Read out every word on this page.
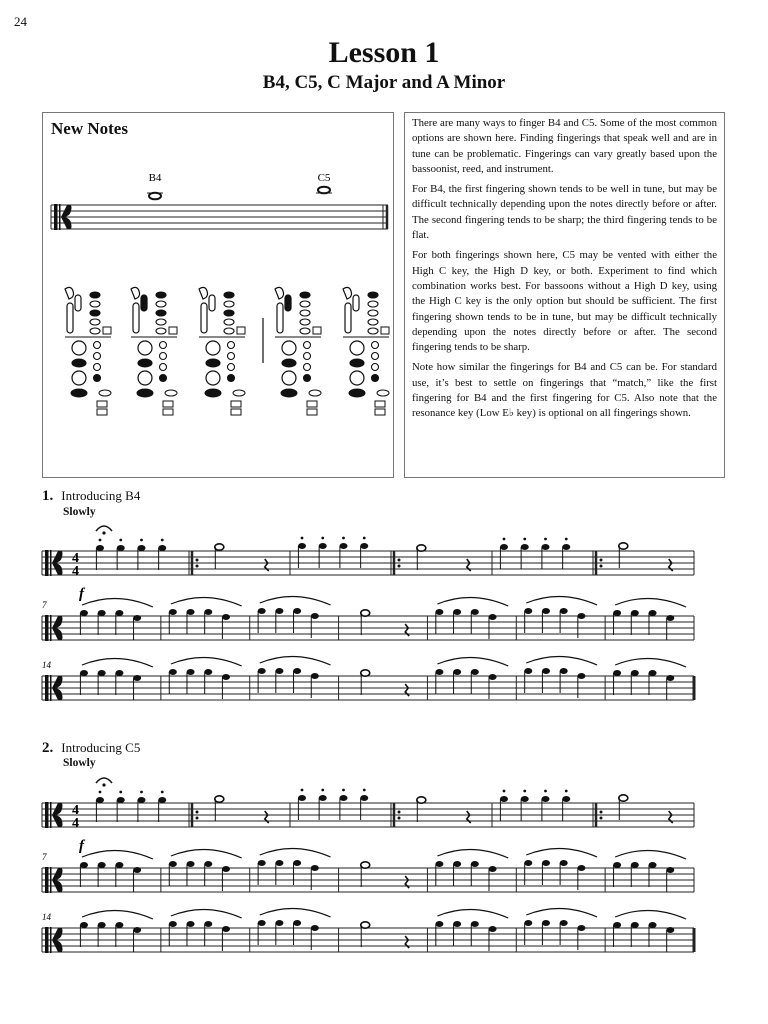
24
Lesson 1
B4, C5, C Major and A Minor
New Notes
B4	C5

There are many ways to finger B4 and C5. Some of the most common options are shown here. Finding fingerings that speak well and are in tune can be problematic. Fingerings can vary greatly based upon the bassoonist, reed, and instrument.

For B4, the first fingering shown tends to be well in tune, but may be difficult technically depending upon the notes directly before or after. The second fingering tends to be sharp; the third fingering tends to be flat.

For both fingerings shown here, C5 may be vented with either the High C key, the High D key, or both. Experiment to find which combination works best. For bassoons without a High D key, using the High C key is the only option but should be sufficient. The first fingering shown tends to be in tune, but may be difficult technically depending upon the notes directly before or after. The second fingering tends to be sharp.

Note how similar the fingerings for B4 and C5 can be. For standard use, it’s best to settle on fingerings that “match,” like the first fingering for B4 and the first fingering for C5. Also note that the resonance key (Low E♭ key) is optional on all fingerings shown.

1. Introducing B4
Slowly
4
4
f
7
14
2. Introducing C5
Slowly
4
4
f
7
14
